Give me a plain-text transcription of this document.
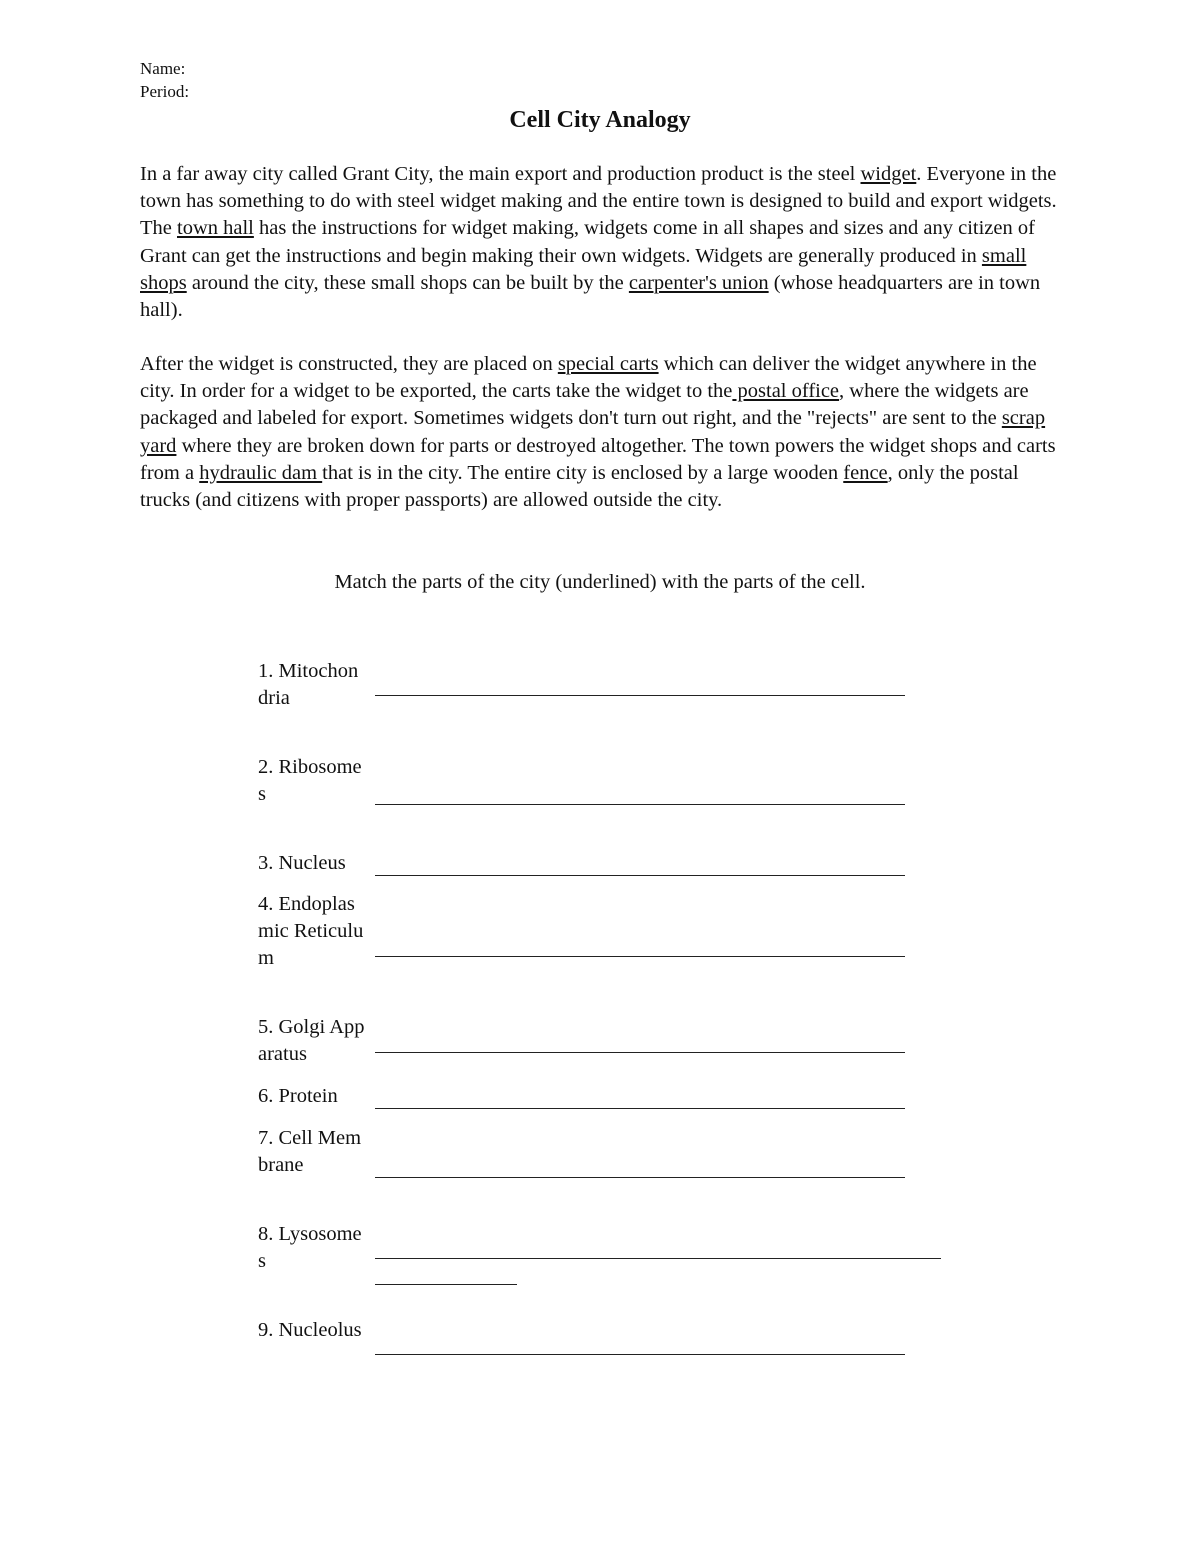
Name:
Period:
Cell City Analogy

In a far away city called Grant City, the main export and production product is the steel widget. Everyone in the town has something to do with steel widget making and the entire town is designed to build and export widgets. The town hall has the instructions for widget making, widgets come in all shapes and sizes and any citizen of Grant can get the instructions and begin making their own widgets. Widgets are generally produced in small shops around the city, these small shops can be built by the carpenter's union (whose headquarters are in town hall).

After the widget is constructed, they are placed on special carts which can deliver the widget anywhere in the city. In order for a widget to be exported, the carts take the widget to the postal office, where the widgets are packaged and labeled for export. Sometimes widgets don't turn out right, and the "rejects" are sent to the scrap yard where they are broken down for parts or destroyed altogether. The town powers the widget shops and carts from a hydraulic dam that is in the city. The entire city is enclosed by a large wooden fence, only the postal trucks (and citizens with proper passports) are allowed outside the city.

Match the parts of the city (underlined) with the parts of the cell.
1. Mitochondria
2. Ribosomes
3. Nucleus
4. Endoplasmic Reticulum
5. Golgi Apparatus
6. Protein
7. Cell Membrane
8. Lysosomes
9. Nucleolus
